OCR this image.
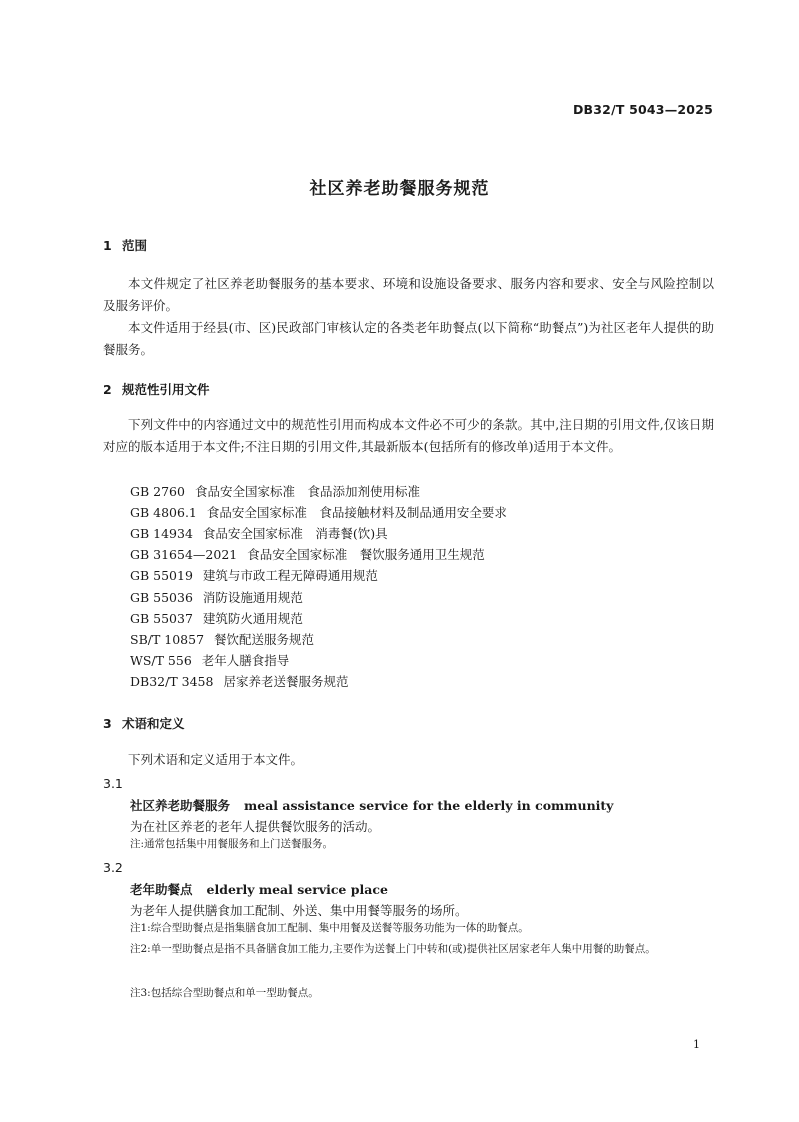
DB32/T 5043—2025
社区养老助餐服务规范
1 范围
本文件规定了社区养老助餐服务的基本要求、环境和设施设备要求、服务内容和要求、安全与风险控制以及服务评价。
本文件适用于经县(市、区)民政部门审核认定的各类老年助餐点(以下简称“助餐点”)为社区老年人提供的助餐服务。
2 规范性引用文件
下列文件中的内容通过文中的规范性引用而构成本文件必不可少的条款。其中,注日期的引用文件,仅该日期对应的版本适用于本文件;不注日期的引用文件,其最新版本(包括所有的修改单)适用于本文件。
GB 2760 食品安全国家标准　食品添加剂使用标准
GB 4806.1 食品安全国家标准　食品接触材料及制品通用安全要求
GB 14934 食品安全国家标准　消毒餐(饮)具
GB 31654—2021 食品安全国家标准　餐饮服务通用卫生规范
GB 55019 建筑与市政工程无障碍通用规范
GB 55036 消防设施通用规范
GB 55037 建筑防火通用规范
SB/T 10857 餐饮配送服务规范
WS/T 556 老年人膳食指导
DB32/T 3458 居家养老送餐服务规范
3 术语和定义
下列术语和定义适用于本文件。
3.1
社区养老助餐服务 meal assistance service for the elderly in community
为在社区养老的老年人提供餐饮服务的活动。
注:通常包括集中用餐服务和上门送餐服务。
3.2
老年助餐点 elderly meal service place
为老年人提供膳食加工配制、外送、集中用餐等服务的场所。
注1:综合型助餐点是指集膳食加工配制、集中用餐及送餐等服务功能为一体的助餐点。
注2:单一型助餐点是指不具备膳食加工能力,主要作为送餐上门中转和(或)提供社区居家老年人集中用餐的助餐点。
注3:包括综合型助餐点和单一型助餐点。
1
